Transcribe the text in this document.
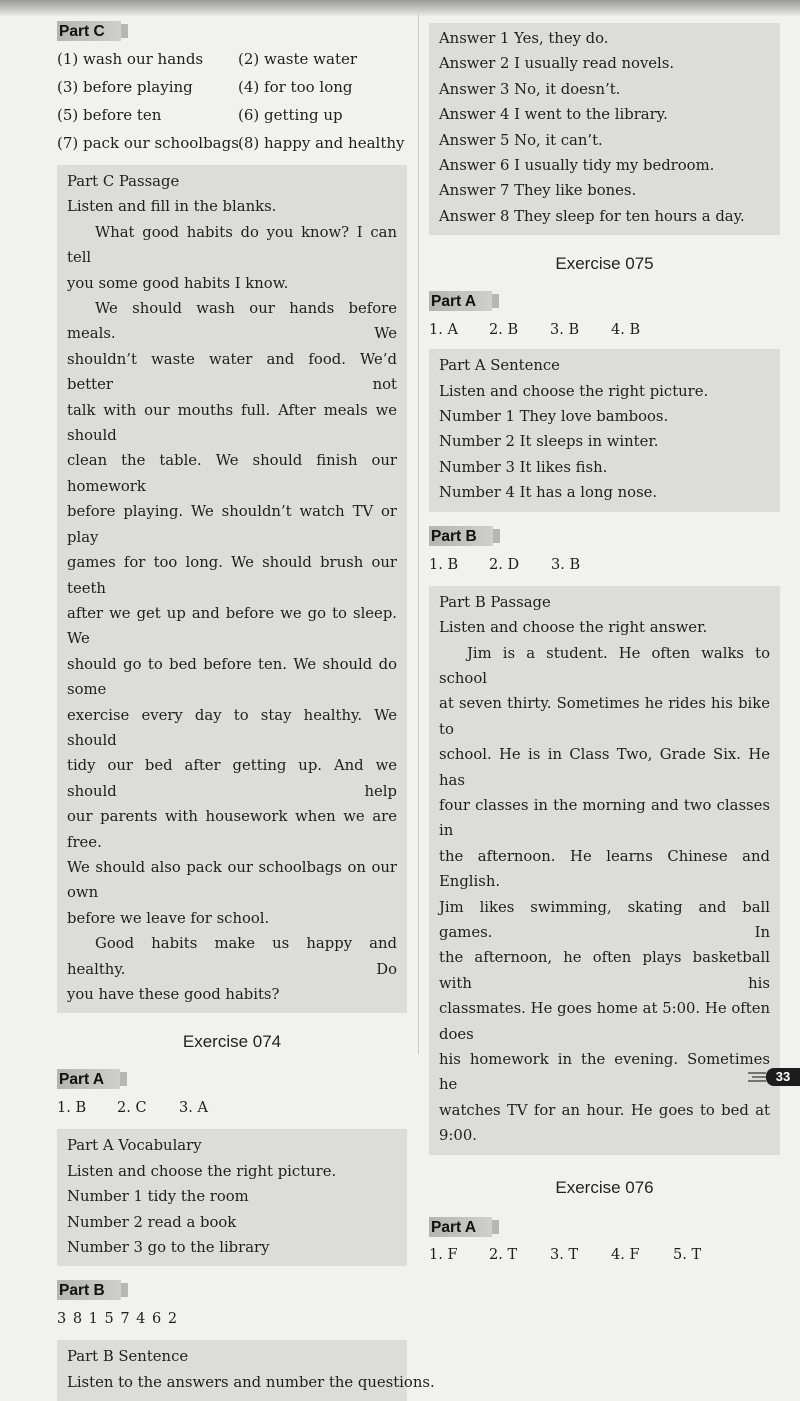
Part C
(1) wash our hands	(2) waste water
(3) before playing	(4) for too long
(5) before ten	(6) getting up
(7) pack our schoolbags (8) happy and healthy

Part C Passage

Listen and fill in the blanks.

What good habits do you know? I can tell

you some good habits I know.

We should wash our hands before meals. We

shouldn’t waste water and food. We’d better not

talk with our mouths full. After meals we should

clean the table. We should finish our homework

before playing. We shouldn’t watch TV or play

games for too long. We should brush our teeth

after we get up and before we go to sleep. We

should go to bed before ten. We should do some

exercise every day to stay healthy. We should

tidy our bed after getting up. And we should help

our parents with housework when we are free.

We should also pack our schoolbags on our own

before we leave for school.

Good habits make us happy and healthy. Do

you have these good habits?

Exercise 074
Part A
1. B 2. C 3. A

Part A Vocabulary

Listen and choose the right picture.

Number 1 tidy the room

Number 2 read a book

Number 3 go to the library

Part B
3 8 1 5 7 4 6 2

Part B Sentence

Listen to the answers and number the questions.

Answer 1 Yes, they do.

Answer 2 I usually read novels.

Answer 3 No, it doesn’t.

Answer 4 I went to the library.

Answer 5 No, it can’t.

Answer 6 I usually tidy my bedroom.

Answer 7 They like bones.

Answer 8 They sleep for ten hours a day.

Exercise 075
Part A
1. A 2. B 3. B 4. B

Part A Sentence

Listen and choose the right picture.

Number 1 They love bamboos.

Number 2 It sleeps in winter.

Number 3 It likes fish.

Number 4 It has a long nose.

Part B
1. B 2. D 3. B

Part B Passage

Listen and choose the right answer.

Jim is a student. He often walks to school

at seven thirty. Sometimes he rides his bike to

school. He is in Class Two, Grade Six. He has

four classes in the morning and two classes in

the afternoon. He learns Chinese and English.

Jim likes swimming, skating and ball games. In

the afternoon, he often plays basketball with his

classmates. He goes home at 5:00. He often does

his homework in the evening. Sometimes he

watches TV for an hour. He goes to bed at 9:00.

Exercise 076
Part A
1. F 2. T 3. T 4. F 5. T
33
